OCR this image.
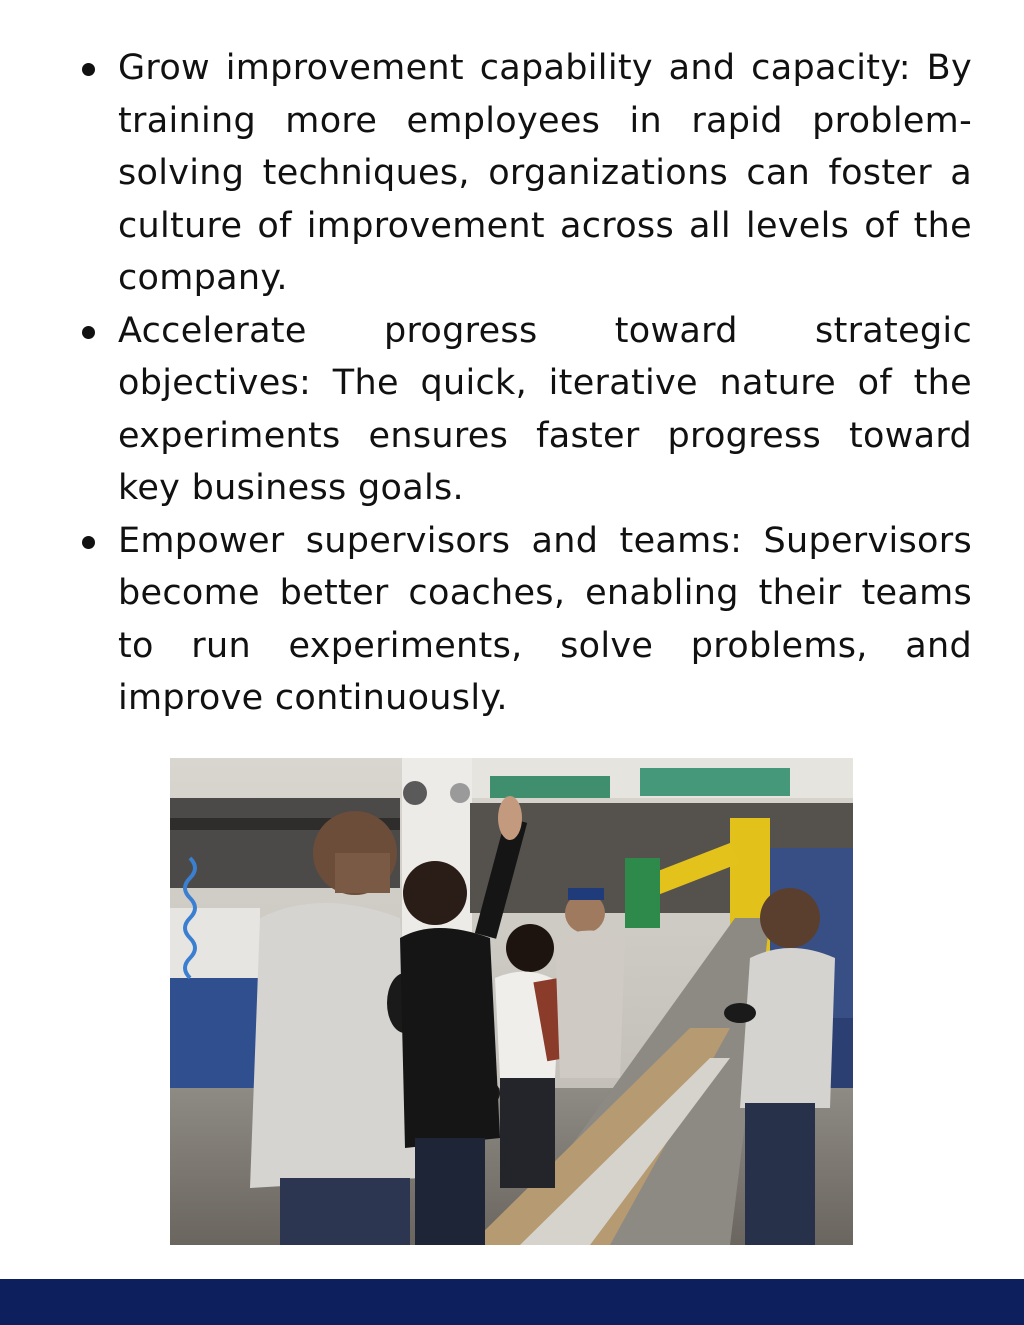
Grow improvement capability and capacity: By training more employees in rapid problem-solving techniques, organizations can foster a culture of improvement across all levels of the company.
Accelerate progress toward strategic objectives: The quick, iterative nature of the experiments ensures faster progress toward key business goals.
Empower supervisors and teams: Supervisors become better coaches, enabling their teams to run experiments, solve problems, and improve continuously.
